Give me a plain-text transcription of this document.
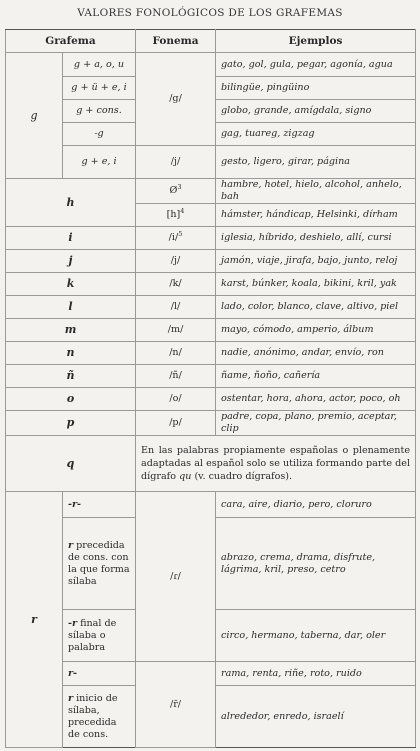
VALORES FONOLÓGICOS DE LOS GRAFEMAS
Grafema		Fonema	Ejemplos
g	g + a, o, u	/g/	gato, gol, gula, pegar, agonía, agua
	g + ü + e, i		bilingüe, pingüino
	g + cons.		globo, grande, amígdala, signo
	-g		gag, tuareg, zigzag
	g + e, i	/j/	gesto, ligero, girar, página
h		$Ø^3$	hambre, hotel, hielo, alcohol, anhelo, bah
		$[h]^4$	hámster, hándicap, Helsinki, dírham
i		/i/$^5$	iglesia, híbrido, deshielo, allí, cursi
j		/j/	jamón, viaje, jirafa, bajo, junto, reloj
k		/k/	karst, búnker, koala, bikini, kril, yak
l		/l/	lado, color, blanco, clave, altivo, piel
m		/m/	mayo, cómodo, amperio, álbum
n		/n/	nadie, anónimo, andar, envío, ron
ñ		/ñ/	ñame, ñoño, cañería
o		/o/	ostentar, hora, ahora, actor, poco, oh
p		/p/	padre, copa, plano, premio, aceptar, clip
q		En las palabras propiamente españolas o plenamente adaptadas al español solo se utiliza formando parte del dígrafo qu (v. cuadro dígrafos).	
r	-r-	/ɾ/	cara, aire, diario, pero, cloruro
	r precedida de cons. con la que forma sílaba		abrazo, crema, drama, disfrute, lágrima, kril, preso, cetro
	-r final de sílaba o palabra		circo, hermano, taberna, dar, oler
	r-	/r̄/	rama, renta, riñe, roto, ruido
	r inicio de sílaba, precedida de cons.		alrededor, enredo, israelí
